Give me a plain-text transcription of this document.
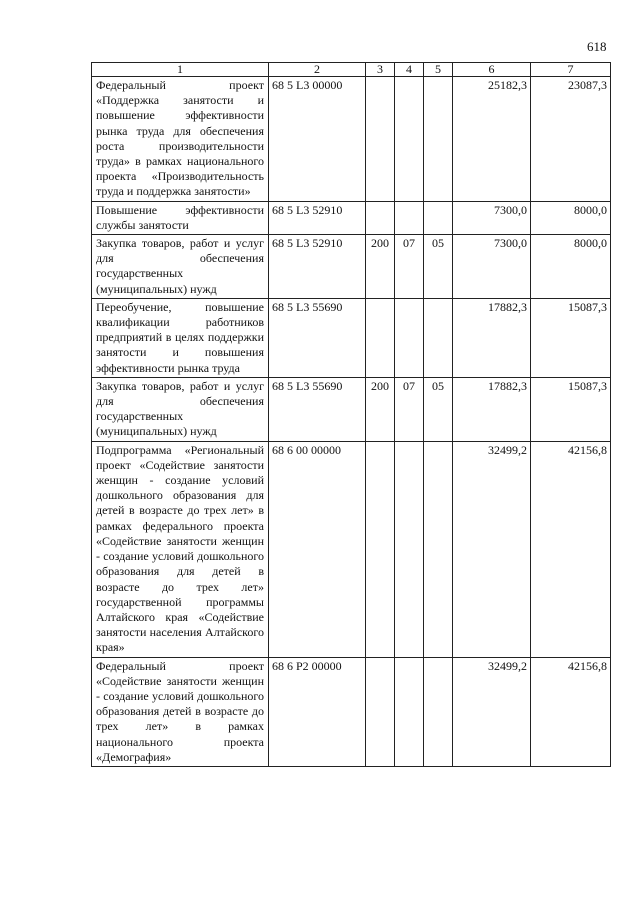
618
1	2	3	4	5	6	7
Федеральный проект «Поддержка занятости и повышение эффективности рынка труда для обеспечения роста производительности труда» в рамках национального проекта «Производительность труда и поддержка занятости»	68 5 L3 00000				25182,3	23087,3
Повышение эффективности службы занятости	68 5 L3 52910				7300,0	8000,0
Закупка товаров, работ и услуг для обеспечения государственных (муниципальных) нужд	68 5 L3 52910	200	07	05	7300,0	8000,0
Переобучение, повышение квалификации работников предприятий в целях поддержки занятости и повышения эффективности рынка труда	68 5 L3 55690				17882,3	15087,3
Закупка товаров, работ и услуг для обеспечения государственных (муниципальных) нужд	68 5 L3 55690	200	07	05	17882,3	15087,3
Подпрограмма «Региональный проект «Содействие занятости женщин - создание условий дошкольного образования для детей в возрасте до трех лет» в рамках федерального проекта «Содействие занятости женщин - создание условий дошкольного образования для детей в возрасте до трех лет» государственной программы Алтайского края «Содействие занятости населения Алтайского края»	68 6 00 00000				32499,2	42156,8
Федеральный проект «Содействие занятости женщин - создание условий дошкольного образования детей в возрасте до трех лет» в рамках национального проекта «Демография»	68 6 P2 00000				32499,2	42156,8
